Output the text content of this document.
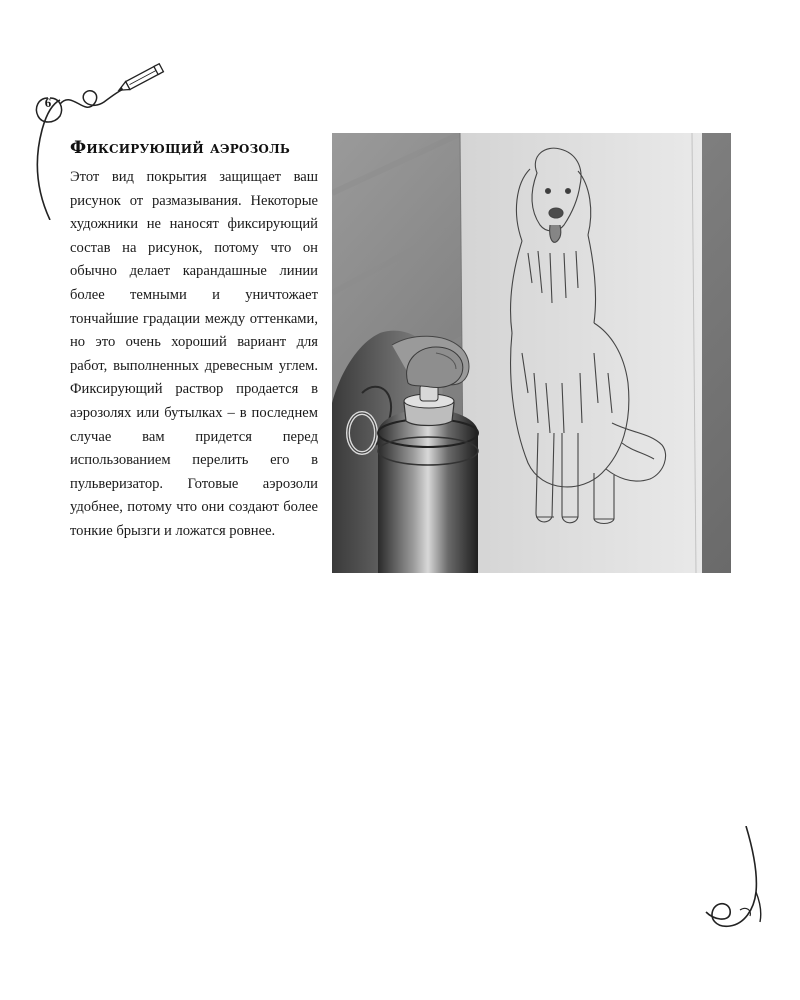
6
Фиксирующий аэрозоль

Этот вид покрытия защищает ваш рисунок от размазывания. Некоторые художники не наносят фиксирующий состав на рисунок, потому что он обычно делает карандашные линии более темными и уничтожает тончайшие градации между оттенками, но это очень хороший вариант для работ, выполненных древесным углем. Фиксирующий раствор продается в аэрозолях или бутылках – в последнем случае вам придется перед использованием перелить его в пульверизатор. Готовые аэрозоли удобнее, потому что они создают более тонкие брызги и ложатся ровнее.
